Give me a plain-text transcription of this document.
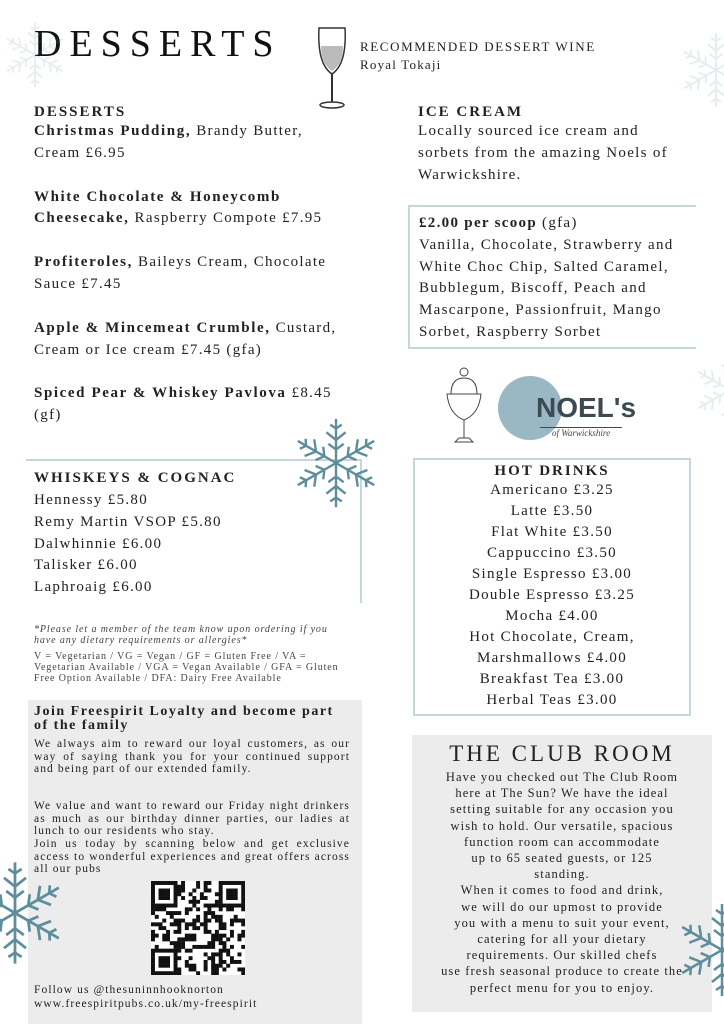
DESSERTS	RECOMMENDED DESSERT WINE
Royal Tokaji
DESSERTS
Christmas Pudding, Brandy Butter, Cream £6.95
White Chocolate & Honeycomb Cheesecake, Raspberry Compote £7.95
Profiteroles, Baileys Cream, Chocolate Sauce £7.45
Apple & Mincemeat Crumble, Custard, Cream or Ice cream £7.45 (gfa)
Spiced Pear & Whiskey Pavlova £8.45 (gf)
WHISKEYS & COGNAC
Hennessy £5.80
Remy Martin VSOP £5.80
Dalwhinnie £6.00
Talisker £6.00
Laphroaig £6.00
*Please let a member of the team know upon ordering if you have any dietary requirements or allergies*
V = Vegetarian / VG = Vegan / GF = Gluten Free / VA = Vegetarian Available / VGA = Vegan Available / GFA = Gluten Free Option Available / DFA: Dairy Free Available
Join Freespirit Loyalty and become part of the family
We always aim to reward our loyal customers, as our way of saying thank you for your continued support and being part of our extended family.
We value and want to reward our Friday night drinkers as much as our birthday dinner parties, our ladies at lunch to our residents who stay.
Join us today by scanning below and get exclusive access to wonderful experiences and great offers across all our pubs
Follow us @thesuninnhooknorton
www.freespiritpubs.co.uk/my-freespirit
ICE CREAM
Locally sourced ice cream and sorbets from the amazing Noels of Warwickshire.
£2.00 per scoop (gfa)
Vanilla, Chocolate, Strawberry and White Choc Chip, Salted Caramel, Bubblegum, Biscoff, Peach and Mascarpone, Passionfruit, Mango Sorbet, Raspberry Sorbet
NOEL's
of Warwickshire
HOT DRINKS
Americano £3.25
Latte £3.50
Flat White £3.50
Cappuccino £3.50
Single Espresso £3.00
Double Espresso £3.25
Mocha £4.00
Hot Chocolate, Cream,
Marshmallows £4.00
Breakfast Tea £3.00
Herbal Teas £3.00
THE CLUB ROOM
Have you checked out The Club Room
here at The Sun? We have the ideal
setting suitable for any occasion you
wish to hold. Our versatile, spacious
function room can accommodate
up to 65 seated guests, or 125
standing.
When it comes to food and drink,
we will do our upmost to provide
you with a menu to suit your event,
catering for all your dietary
requirements. Our skilled chefs
use fresh seasonal produce to create the
perfect menu for you to enjoy.
